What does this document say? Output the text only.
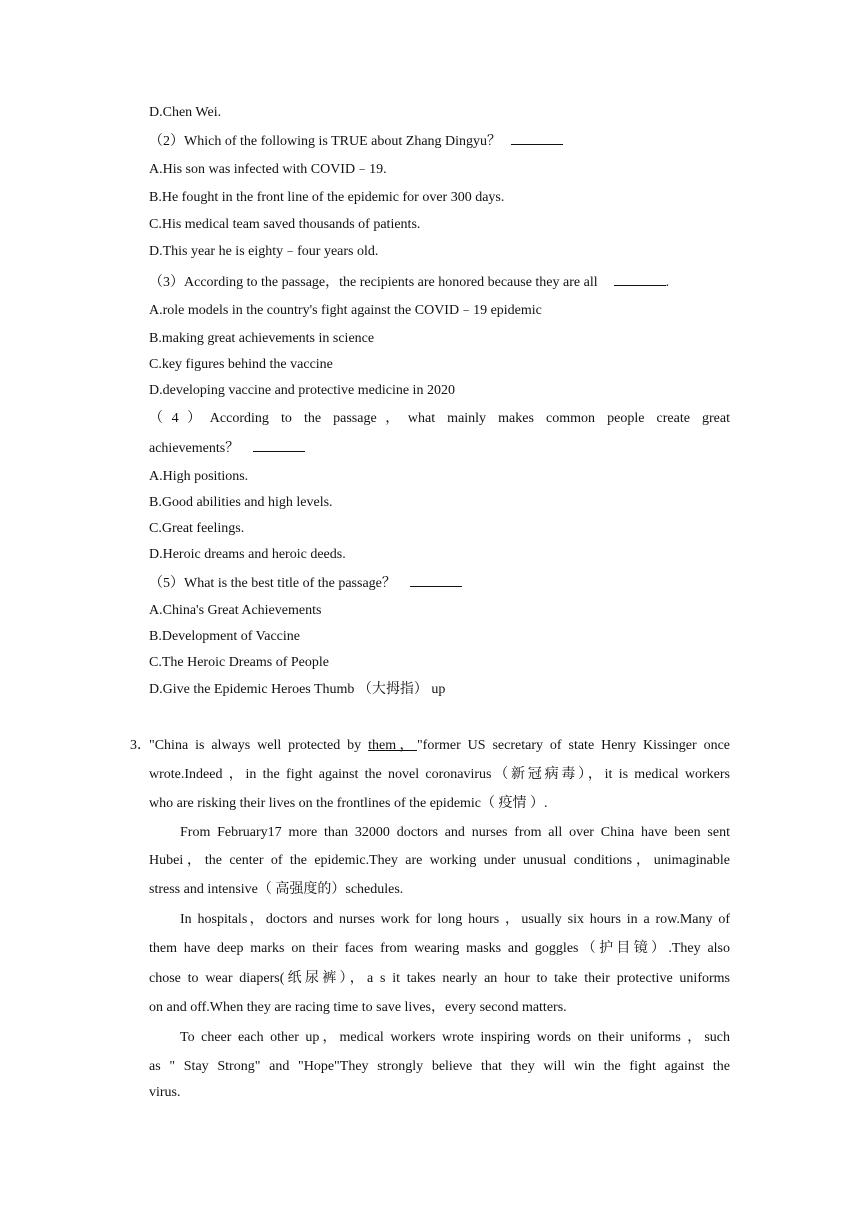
D.Chen Wei.
（2）Which of the following is TRUE about Zhang Dingyu？
A.His son was infected with COVID﹣19.
B.He fought in the front line of the epidemic for over 300 days.
C.His medical team saved thousands of patients.
D.This year he is eighty﹣four years old.
（3）According to the passage，the recipients are honored because they are all	.
A.role models in the country's fight against the COVID﹣19 epidemic
B.making great achievements in science
C.key figures behind the vaccine
D.developing vaccine and protective medicine in 2020
（4）According to the passage，what mainly makes common people create great
achievements？
A.High positions.
B.Good abilities and high levels.
C.Great feelings.
D.Heroic dreams and heroic deeds.
（5）What is the best title of the passage？
A.China's Great Achievements
B.Development of Vaccine
C.The Heroic Dreams of People
D.Give the Epidemic Heroes Thumb （大拇指） up
3．
"China is always well protected by them，"former US secretary of state Henry Kissinger once
wrote.Indeed ，in the fight against the novel coronavirus（新冠病毒），it is medical workers
who are risking their lives on the frontlines of the epidemic（ 疫情 ）.
From February17 more than 32000 doctors and nurses from all over China have been sent
Hubei，the center of the epidemic.They are working under unusual conditions，unimaginable
stress and intensive（ 高强度的）schedules.
In hospitals，doctors and nurses work for long hours ，usually six hours in a row.Many of
them have deep marks on their faces from wearing masks and goggles（护目镜）.They also
chose to wear diapers(纸尿裤），a s it takes nearly an hour to take their protective uniforms
on and off.When they are racing time to save lives，every second matters.
To cheer each other up，medical workers wrote inspiring words on their uniforms ，such
as " Stay Strong" and "Hope"They strongly believe that they will win the fight against the
virus.
